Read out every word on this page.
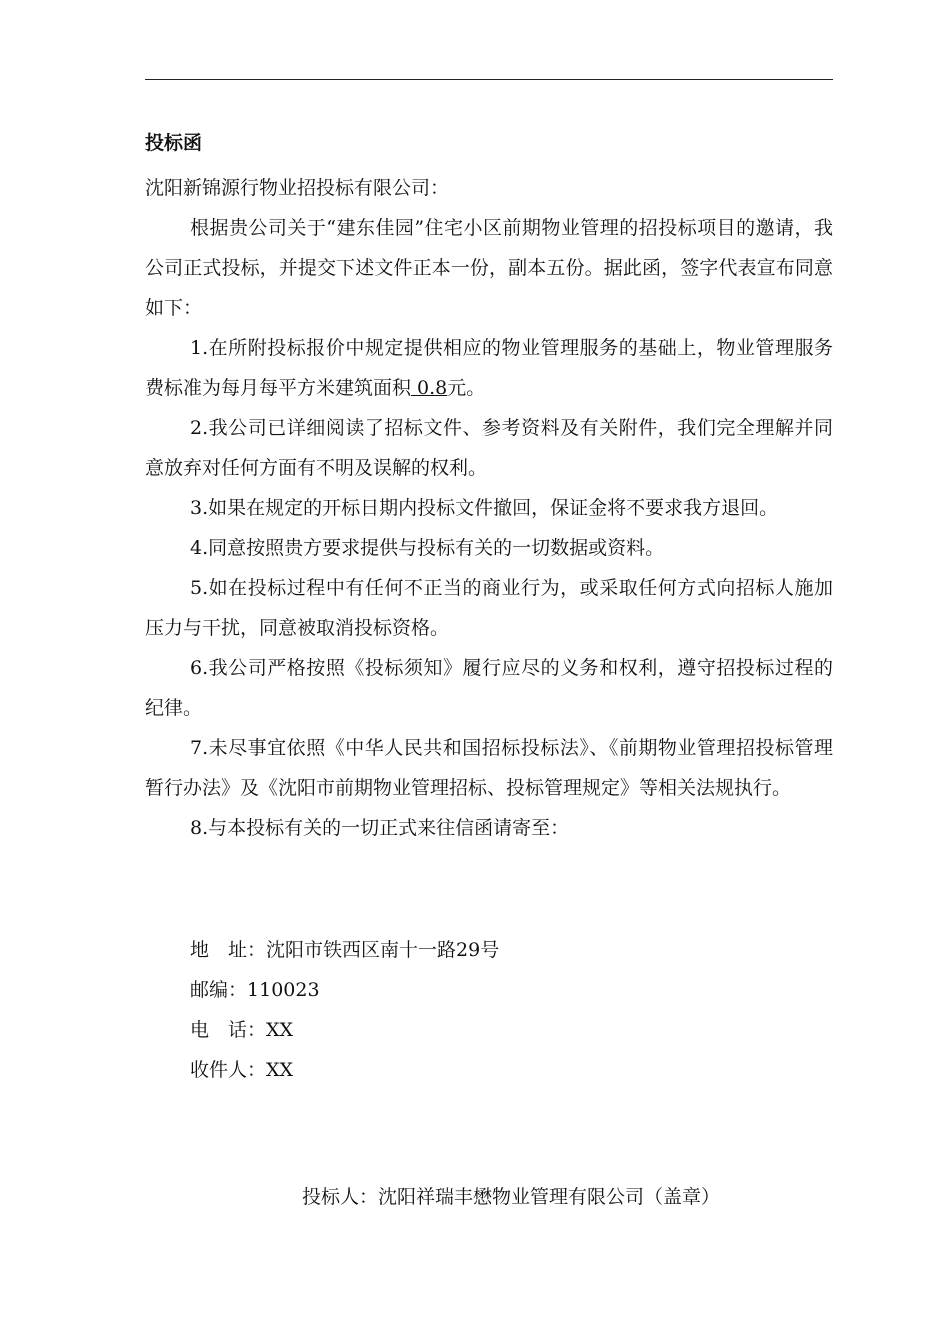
投标函

沈阳新锦源行物业招投标有限公司：

根据贵公司关于“建东佳园”住宅小区前期物业管理的招投标项目的邀请，我公司正式投标，并提交下述文件正本一份，副本五份。据此函，签字代表宣布同意如下：

1.在所附投标报价中规定提供相应的物业管理服务的基础上，物业管理服务费标准为每月每平方米建筑面积 0.8元。

2.我公司已详细阅读了招标文件、参考资料及有关附件，我们完全理解并同意放弃对任何方面有不明及误解的权利。

3.如果在规定的开标日期内投标文件撤回，保证金将不要求我方退回。

4.同意按照贵方要求提供与投标有关的一切数据或资料。

5.如在投标过程中有任何不正当的商业行为，或采取任何方式向招标人施加压力与干扰，同意被取消投标资格。

6.我公司严格按照《投标须知》履行应尽的义务和权利，遵守招投标过程的纪律。

7.未尽事宜依照《中华人民共和国招标投标法》、《前期物业管理招投标管理暂行办法》及《沈阳市前期物业管理招标、投标管理规定》等相关法规执行。

8.与本投标有关的一切正式来往信函请寄至：

地　址：沈阳市铁西区南十一路29号
邮编：110023
电　话：XX
收件人：XX
投标人：沈阳祥瑞丰懋物业管理有限公司（盖章）
